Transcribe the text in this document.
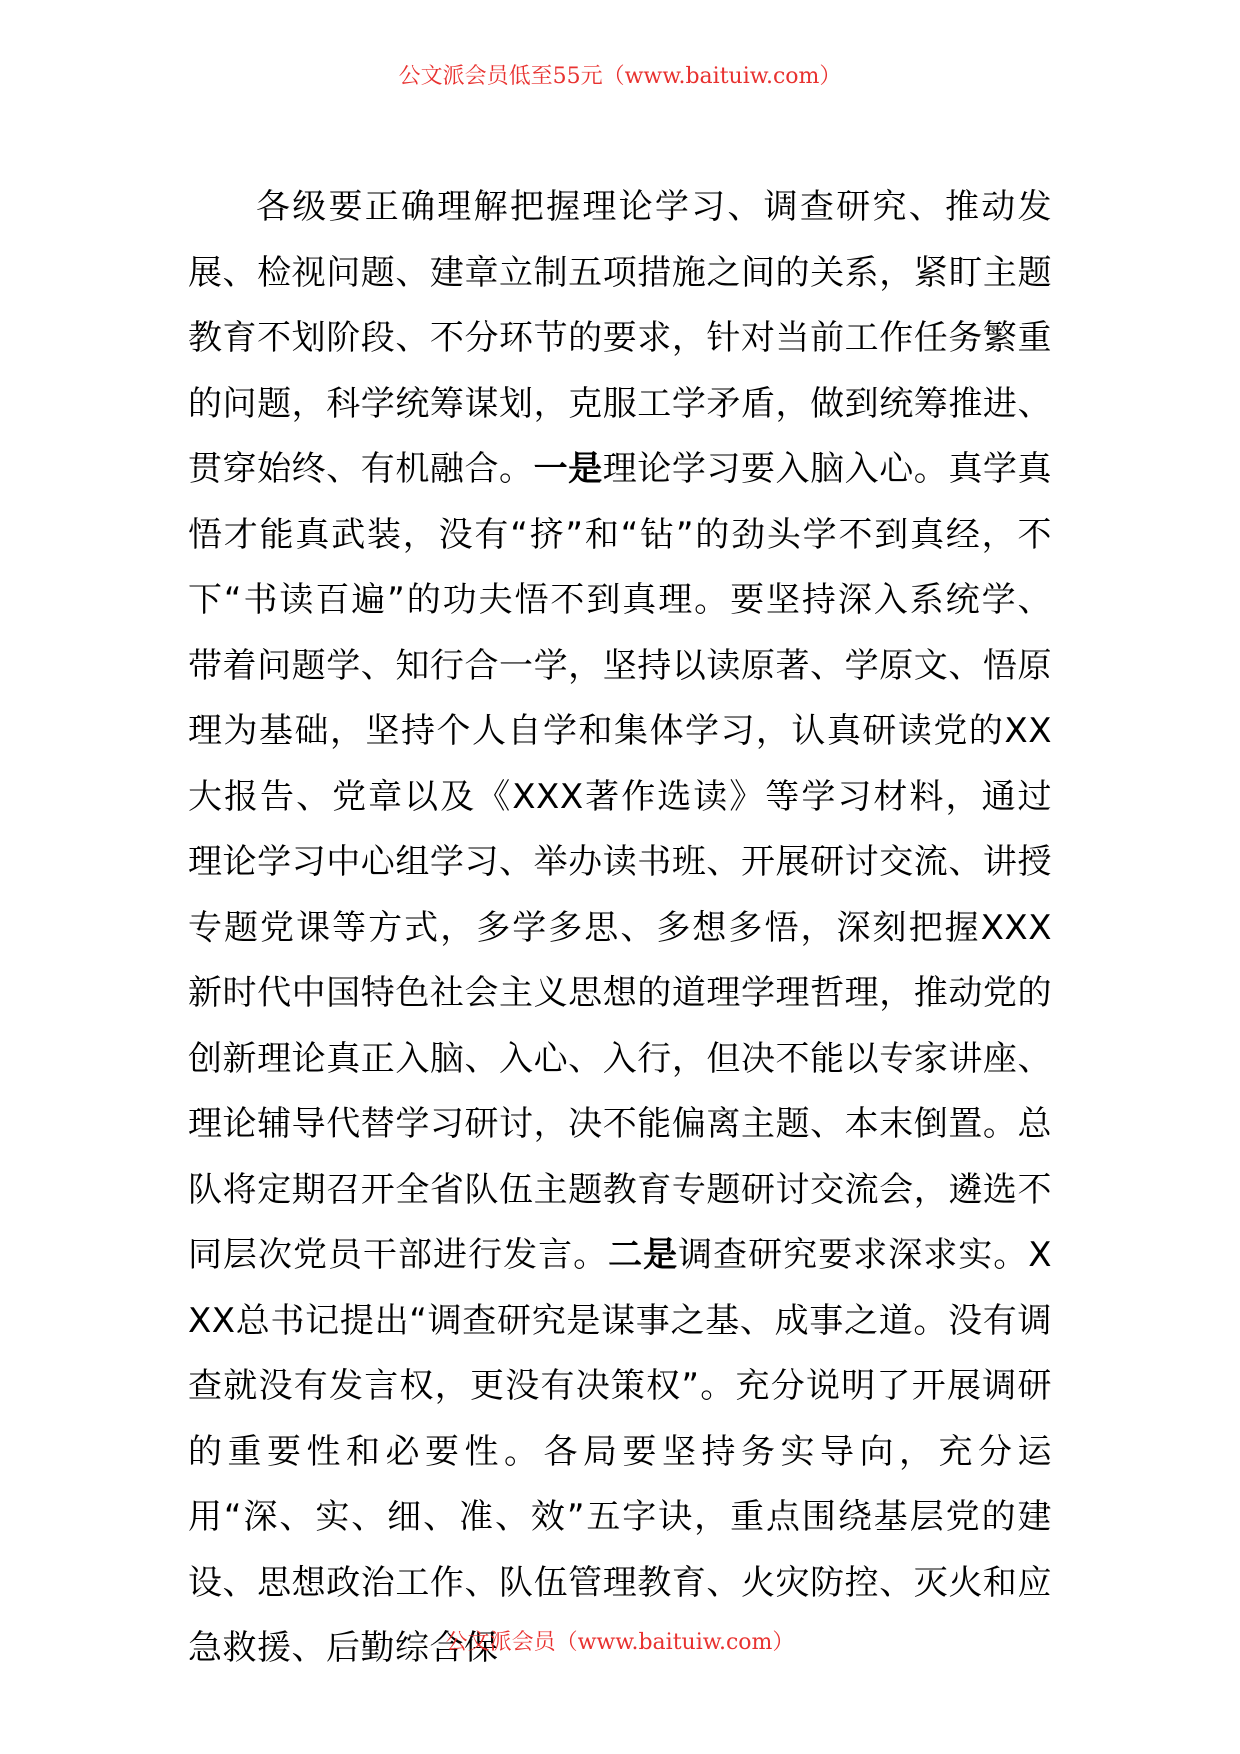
公文派会员低至55元（www.baituiw.com）

各级要正确理解把握理论学习、调查研究、推动发展、检视问题、建章立制五项措施之间的关系，紧盯主题教育不划阶段、不分环节的要求，针对当前工作任务繁重的问题，科学统筹谋划，克服工学矛盾，做到统筹推进、贯穿始终、有机融合。一是理论学习要入脑入心。真学真悟才能真武装，没有“挤”和“钻”的劲头学不到真经，不下“书读百遍”的功夫悟不到真理。要坚持深入系统学、带着问题学、知行合一学，坚持以读原著、学原文、悟原理为基础，坚持个人自学和集体学习，认真研读党的XX大报告、党章以及《XXX著作选读》等学习材料，通过理论学习中心组学习、举办读书班、开展研讨交流、讲授专题党课等方式，多学多思、多想多悟，深刻把握XXX新时代中国特色社会主义思想的道理学理哲理，推动党的创新理论真正入脑、入心、入行，但决不能以专家讲座、理论辅导代替学习研讨，决不能偏离主题、本末倒置。总队将定期召开全省队伍主题教育专题研讨交流会，遴选不同层次党员干部进行发言。二是调查研究要求深求实。XXX总书记提出“调查研究是谋事之基、成事之道。没有调查就没有发言权，更没有决策权”。充分说明了开展调研的重要性和必要性。各局要坚持务实导向，充分运用“深、实、细、准、效”五字诀，重点围绕基层党的建设、思想政治工作、队伍管理教育、火灾防控、灭火和应急救援、后勤综合保

公文派会员（www.baituiw.com）
